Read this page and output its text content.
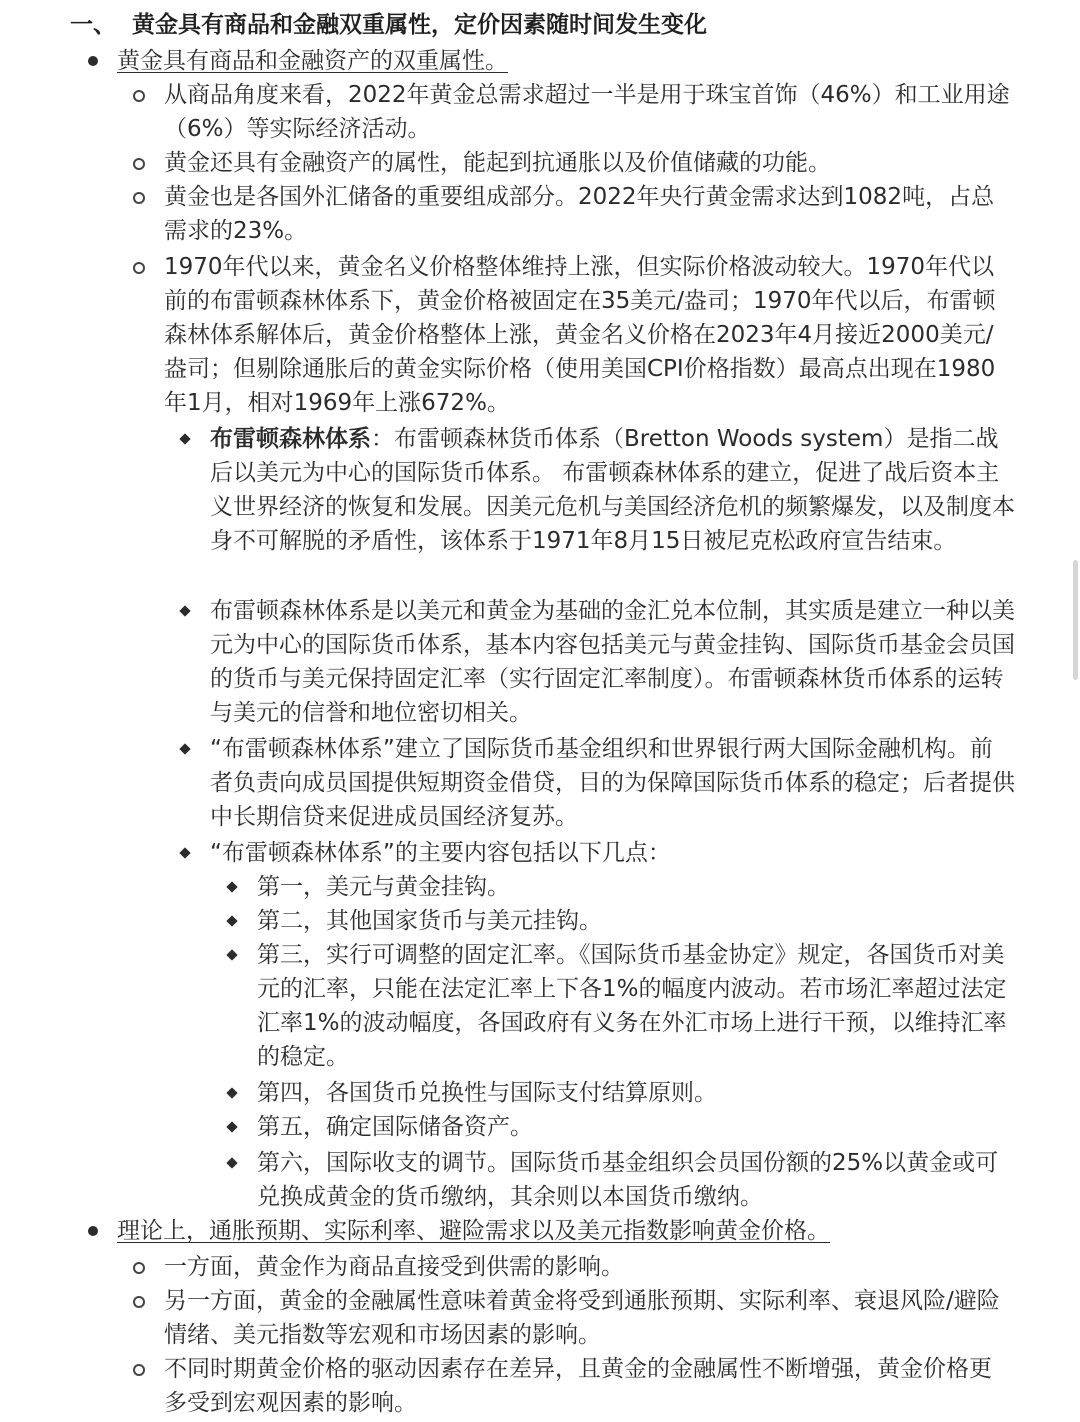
一、 黄金具有商品和金融双重属性，定价因素随时间发生变化
黄金具有商品和金融资产的双重属性。
从商品角度来看，2022年黄金总需求超过一半是用于珠宝首饰（46%）和工业用途（6%）等实际经济活动。
黄金还具有金融资产的属性，能起到抗通胀以及价值储藏的功能。
黄金也是各国外汇储备的重要组成部分。2022年央行黄金需求达到1082吨，占总需求的23%。
1970年代以来，黄金名义价格整体维持上涨，但实际价格波动较大。1970年代以前的布雷顿森林体系下，黄金价格被固定在35美元/盎司；1970年代以后，布雷顿森林体系解体后，黄金价格整体上涨，黄金名义价格在2023年4月接近2000美元/盎司；但剔除通胀后的黄金实际价格（使用美国CPI价格指数）最高点出现在1980年1月，相对1969年上涨672%。
布雷顿森林体系：布雷顿森林货币体系（Bretton Woods system）是指二战后以美元为中心的国际货币体系。 布雷顿森林体系的建立，促进了战后资本主义世界经济的恢复和发展。因美元危机与美国经济危机的频繁爆发，以及制度本身不可解脱的矛盾性，该体系于1971年8月15日被尼克松政府宣告结束。
布雷顿森林体系是以美元和黄金为基础的金汇兑本位制，其实质是建立一种以美元为中心的国际货币体系，基本内容包括美元与黄金挂钩、国际货币基金会员国的货币与美元保持固定汇率（实行固定汇率制度）。布雷顿森林货币体系的运转与美元的信誉和地位密切相关。
“布雷顿森林体系”建立了国际货币基金组织和世界银行两大国际金融机构。前者负责向成员国提供短期资金借贷，目的为保障国际货币体系的稳定；后者提供中长期信贷来促进成员国经济复苏。
“布雷顿森林体系”的主要内容包括以下几点：
第一，美元与黄金挂钩。
第二，其他国家货币与美元挂钩。
第三，实行可调整的固定汇率。《国际货币基金协定》规定，各国货币对美元的汇率，只能在法定汇率上下各1%的幅度内波动。若市场汇率超过法定汇率1%的波动幅度，各国政府有义务在外汇市场上进行干预，以维持汇率的稳定。
第四，各国货币兑换性与国际支付结算原则。
第五，确定国际储备资产。
第六，国际收支的调节。国际货币基金组织会员国份额的25%以黄金或可兑换成黄金的货币缴纳，其余则以本国货币缴纳。
理论上，通胀预期、实际利率、避险需求以及美元指数影响黄金价格。
一方面，黄金作为商品直接受到供需的影响。
另一方面，黄金的金融属性意味着黄金将受到通胀预期、实际利率、衰退风险/避险情绪、美元指数等宏观和市场因素的影响。
不同时期黄金价格的驱动因素存在差异，且黄金的金融属性不断增强，黄金价格更多受到宏观因素的影响。
